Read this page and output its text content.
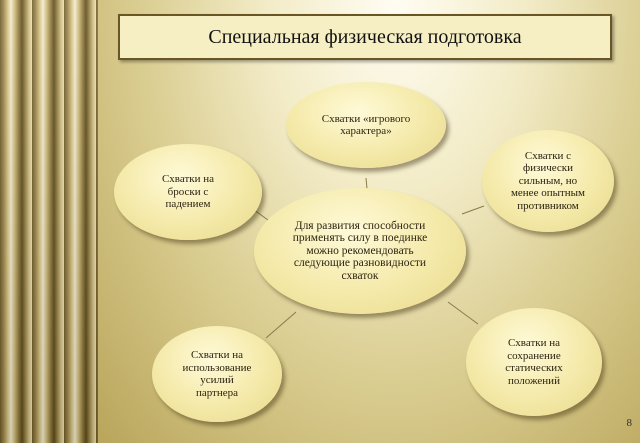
Специальная физическая подготовка
Схватки «игрового
характера»
Схватки на
броски с
падением
Схватки с
физически
сильным, но
менее опытным
противником
Для развития способности
применять силу в поединке
можно рекомендовать
следующие разновидности
схваток
Схватки на
использование
усилий
партнера
Схватки на
сохранение
статических
положений
8
